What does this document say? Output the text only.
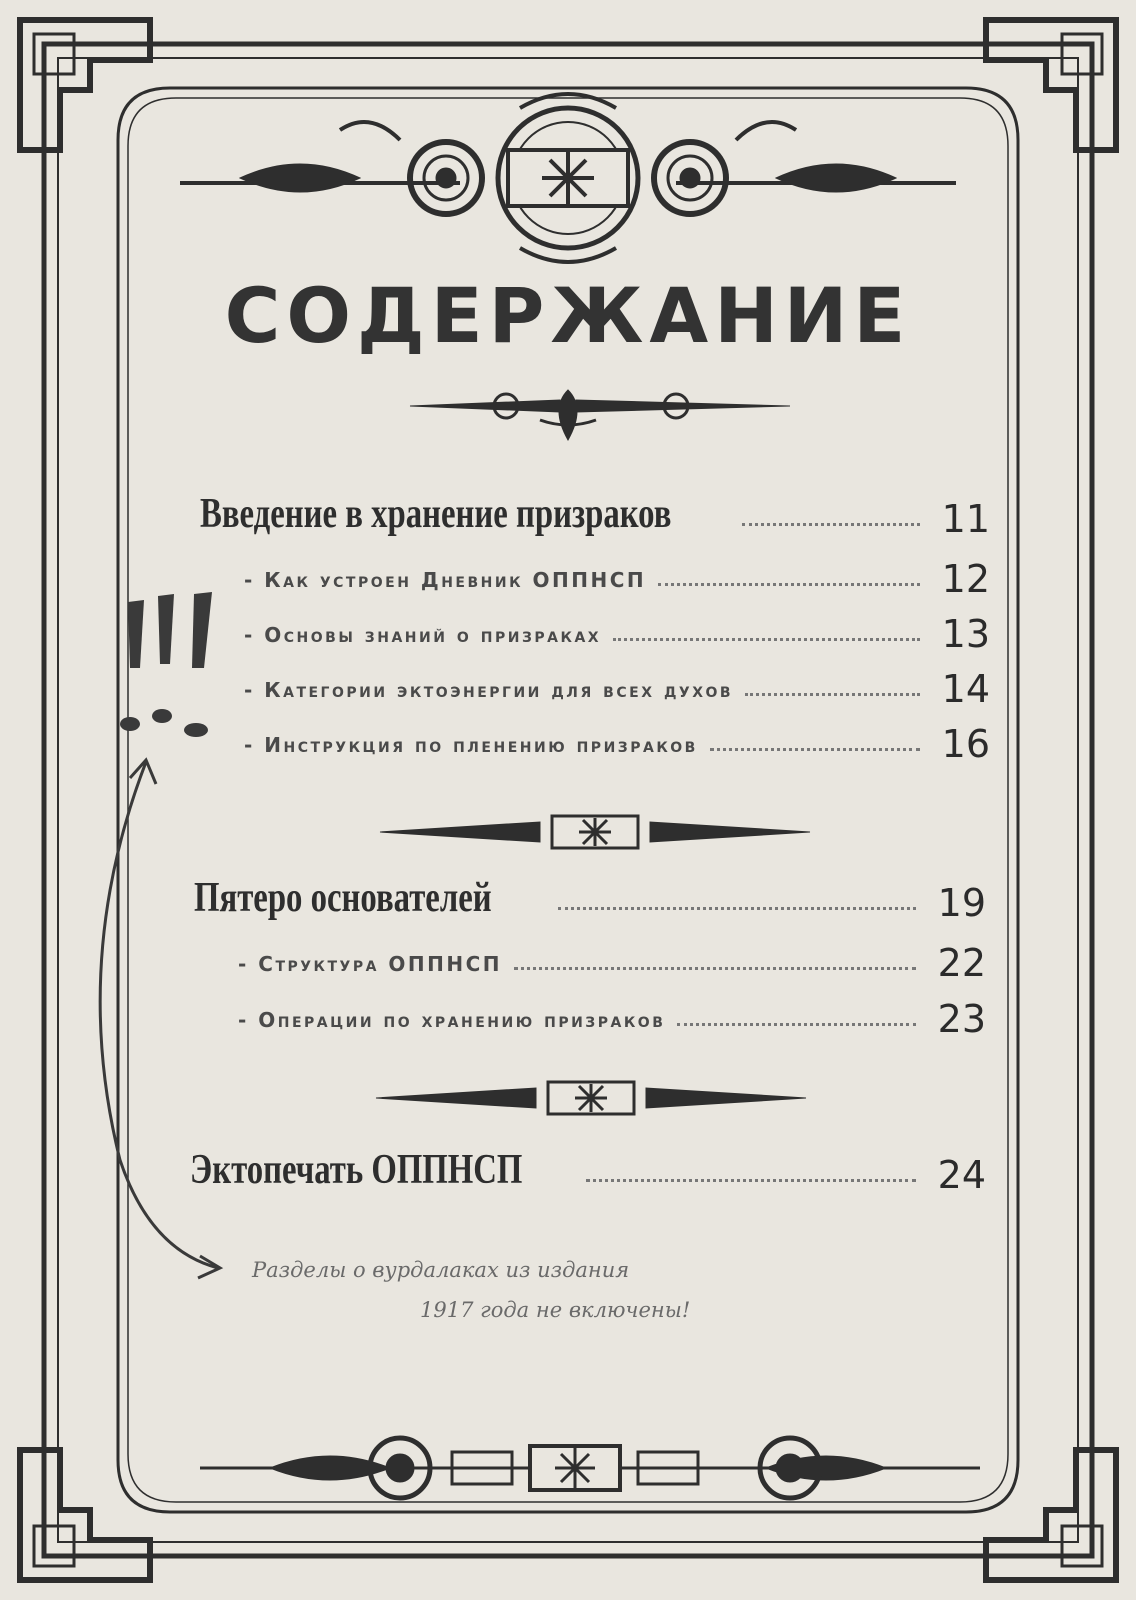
СОДЕРЖАНИЕ
Введение в хранение призраков	11
- Как устроен Дневник ОППНСП	12
- Основы знаний о призраках	13
- Категории эктоэнергии для всех духов	14
- Инструкция по пленению призраков	16
Пятеро основателей	19
- Структура ОППНСП	22
- Операции по хранению призраков	23
Эктопечать ОППНСП	24
Разделы о вурдалаках из издания
1917 года не включены!
